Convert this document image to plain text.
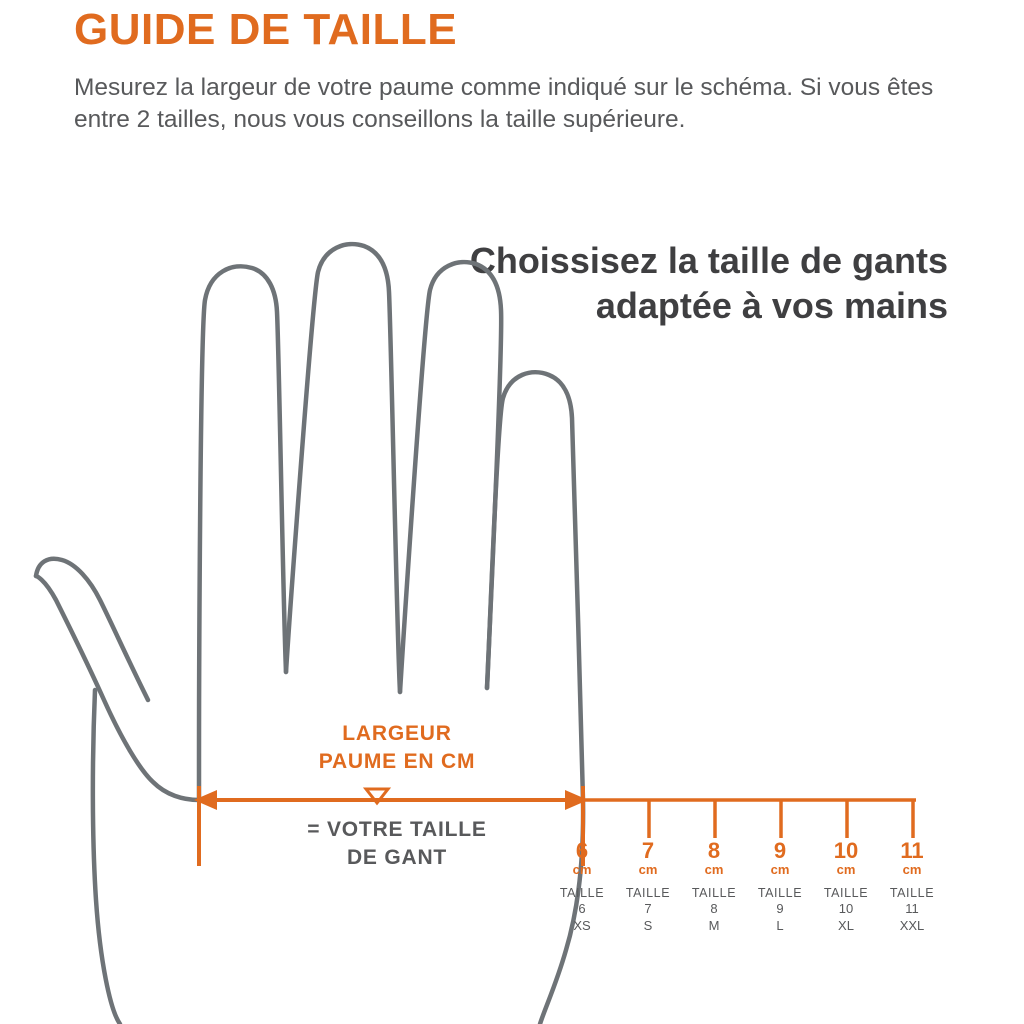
GUIDE DE TAILLE
Mesurez la largeur de votre paume comme indiqué sur le schéma. Si vous êtes entre 2 tailles, nous vous conseillons la taille supérieure.
Choissisez la taille de gants adaptée à vos mains
LARGEUR
PAUME EN CM
= VOTRE TAILLE
DE GANT	6
cm
TAILLE
6
XS
7
cm
TAILLE
7
S
8
cm
TAILLE
8
M
9
cm
TAILLE
9
L
10
cm
TAILLE
10
XL
11
cm
TAILLE
11
XXL
